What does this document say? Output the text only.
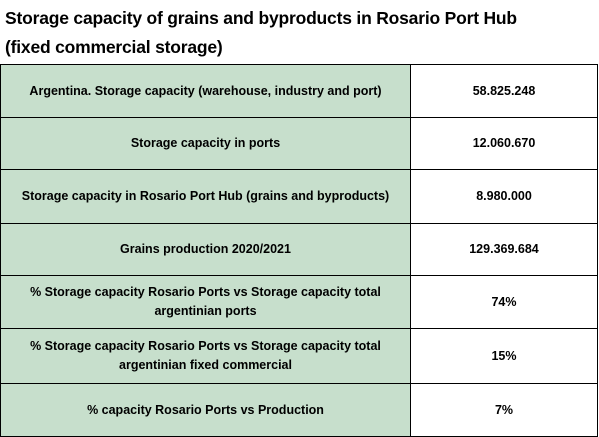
Storage capacity of grains and byproducts in Rosario Port Hub
(fixed commercial storage)
Argentina. Storage capacity (warehouse, industry and port)	58.825.248
Storage capacity in ports	12.060.670
Storage capacity in Rosario Port Hub (grains and byproducts)	8.980.000
Grains production 2020/2021	129.369.684
% Storage capacity Rosario Ports vs Storage capacity total argentinian ports	74%
% Storage capacity Rosario Ports vs Storage capacity total argentinian fixed commercial	15%
% capacity Rosario Ports vs Production	7%
